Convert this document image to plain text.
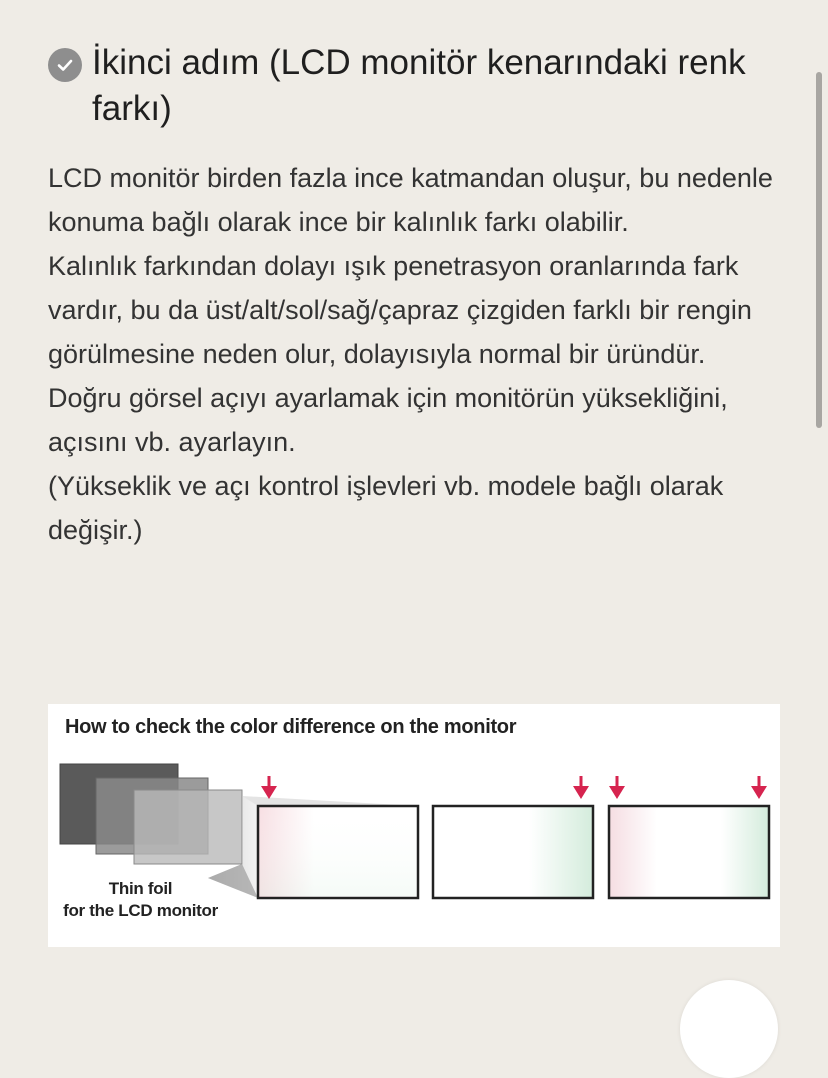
İkinci adım (LCD monitör kenarındaki renk farkı)

LCD monitör birden fazla ince katmandan oluşur, bu nedenle konuma bağlı olarak ince bir kalınlık farkı olabilir.

Kalınlık farkından dolayı ışık penetrasyon oranlarında fark vardır, bu da üst/alt/sol/sağ/çapraz çizgiden farklı bir rengin görülmesine neden olur, dolayısıyla normal bir üründür.

Doğru görsel açıyı ayarlamak için monitörün yüksekliğini, açısını vb. ayarlayın.

(Yükseklik ve açı kontrol işlevleri vb. modele bağlı olarak değişir.)

How to check the color difference on the monitor
Thin foil
for the LCD monitor
